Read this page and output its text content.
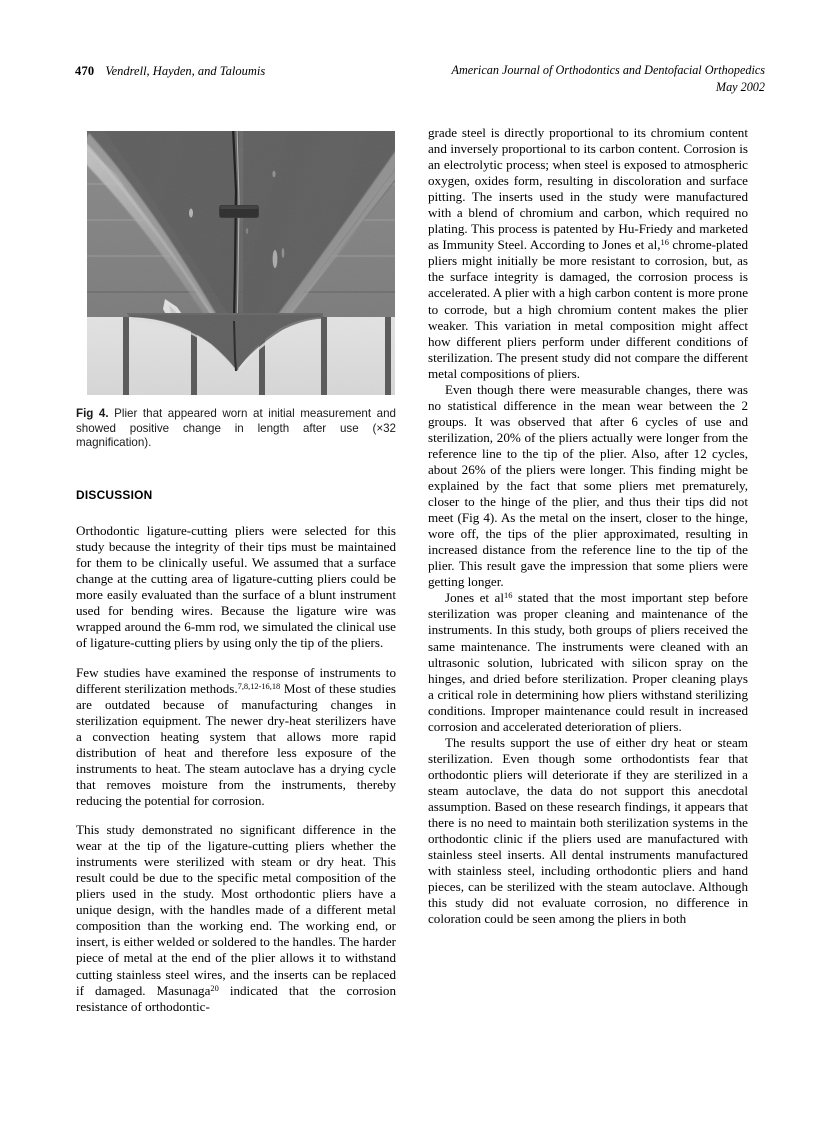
470 Vendrell, Hayden, and Taloumis	American Journal of Orthodontics and Dentofacial Orthopedics
May 2002
Fig 4. Plier that appeared worn at initial measurement and showed positive change in length after use (×32 magnification).
DISCUSSION

Orthodontic ligature-cutting pliers were selected for this study because the integrity of their tips must be maintained for them to be clinically useful. We assumed that a surface change at the cutting area of ligature-cutting pliers could be more easily evaluated than the surface of a blunt instrument used for bending wires. Because the ligature wire was wrapped around the 6-mm rod, we simulated the clinical use of ligature-cutting pliers by using only the tip of the pliers.

Few studies have examined the response of instruments to different sterilization methods.$^{7,8,12-16,18}$ Most of these studies are outdated because of manufacturing changes in sterilization equipment. The newer dry-heat sterilizers have a convection heating system that allows more rapid distribution of heat and therefore less exposure of the instruments to heat. The steam autoclave has a drying cycle that removes moisture from the instruments, thereby reducing the potential for corrosion.

This study demonstrated no significant difference in the wear at the tip of the ligature-cutting pliers whether the instruments were sterilized with steam or dry heat. This result could be due to the specific metal composition of the pliers used in the study. Most orthodontic pliers have a unique design, with the handles made of a different metal composition than the working end. The working end, or insert, is either welded or soldered to the handles. The harder piece of metal at the end of the plier allows it to withstand cutting stainless steel wires, and the inserts can be replaced if damaged. Masunaga$^{20}$ indicated that the corrosion resistance of orthodontic-

grade steel is directly proportional to its chromium content and inversely proportional to its carbon content. Corrosion is an electrolytic process; when steel is exposed to atmospheric oxygen, oxides form, resulting in discoloration and surface pitting. The inserts used in the study were manufactured with a blend of chromium and carbon, which required no plating. This process is patented by Hu-Friedy and marketed as Immunity Steel. According to Jones et al,$^{16}$ chrome-plated pliers might initially be more resistant to corrosion, but, as the surface integrity is damaged, the corrosion process is accelerated. A plier with a high carbon content is more prone to corrode, but a high chromium content makes the plier weaker. This variation in metal composition might affect how different pliers perform under different conditions of sterilization. The present study did not compare the different metal compositions of pliers.

Even though there were measurable changes, there was no statistical difference in the mean wear between the 2 groups. It was observed that after 6 cycles of use and sterilization, 20% of the pliers actually were longer from the reference line to the tip of the plier. Also, after 12 cycles, about 26% of the pliers were longer. This finding might be explained by the fact that some pliers met prematurely, closer to the hinge of the plier, and thus their tips did not meet (Fig 4). As the metal on the insert, closer to the hinge, wore off, the tips of the plier approximated, resulting in increased distance from the reference line to the tip of the plier. This result gave the impression that some pliers were getting longer.

Jones et $al^{16}$ stated that the most important step before sterilization was proper cleaning and maintenance of the instruments. In this study, both groups of pliers received the same maintenance. The instruments were cleaned with an ultrasonic solution, lubricated with silicon spray on the hinges, and dried before sterilization. Proper cleaning plays a critical role in determining how pliers withstand sterilizing conditions. Improper maintenance could result in increased corrosion and accelerated deterioration of pliers.

The results support the use of either dry heat or steam sterilization. Even though some orthodontists fear that orthodontic pliers will deteriorate if they are sterilized in a steam autoclave, the data do not support this anecdotal assumption. Based on these research findings, it appears that there is no need to maintain both sterilization systems in the orthodontic clinic if the pliers used are manufactured with stainless steel inserts. All dental instruments manufactured with stainless steel, including orthodontic pliers and hand pieces, can be sterilized with the steam autoclave. Although this study did not evaluate corrosion, no difference in coloration could be seen among the pliers in both
